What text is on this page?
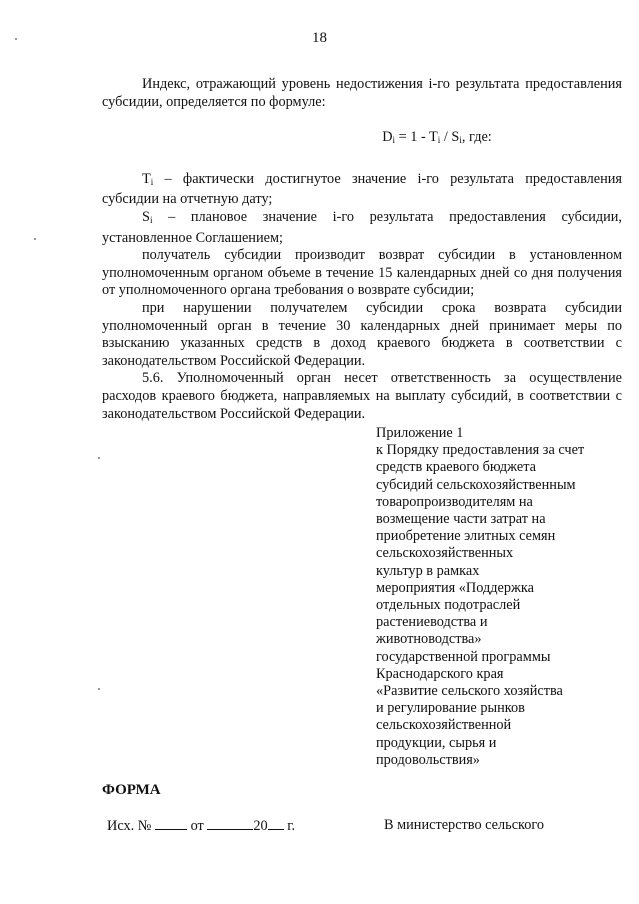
18

Индекс, отражающий уровень недостижения i-го результата предоставления субсидии, определяется по формуле:

$D_i = 1 - T_i / S_i$, где:

$T_i$ – фактически достигнутое значение i-го результата предоставления субсидии на отчетную дату;

$S_i$ – плановое значение i-го результата предоставления субсидии, установленное Соглашением;

получатель субсидии производит возврат субсидии в установленном уполномоченным органом объеме в течение 15 календарных дней со дня получения от уполномоченного органа требования о возврате субсидии;

при нарушении получателем субсидии срока возврата субсидии уполномоченный орган в течение 30 календарных дней принимает меры по взысканию указанных средств в доход краевого бюджета в соответствии с законодательством Российской Федерации.

5.6. Уполномоченный орган несет ответственность за осуществление расходов краевого бюджета, направляемых на выплату субсидий, в соответствии с законодательством Российской Федерации.

Приложение 1
к Порядку предоставления за счет
средств краевого бюджета
субсидий сельскохозяйственным
товаропроизводителям на
возмещение части затрат на
приобретение элитных семян
сельскохозяйственных
культур в рамках
мероприятия «Поддержка
отдельных подотраслей
растениеводства и
животноводства»
государственной программы
Краснодарского края
«Развитие сельского хозяйства
и регулирование рынков
сельскохозяйственной
продукции, сырья и
продовольствия»
ФОРМА
Исх. №	от	20 г.	В министерство сельского
